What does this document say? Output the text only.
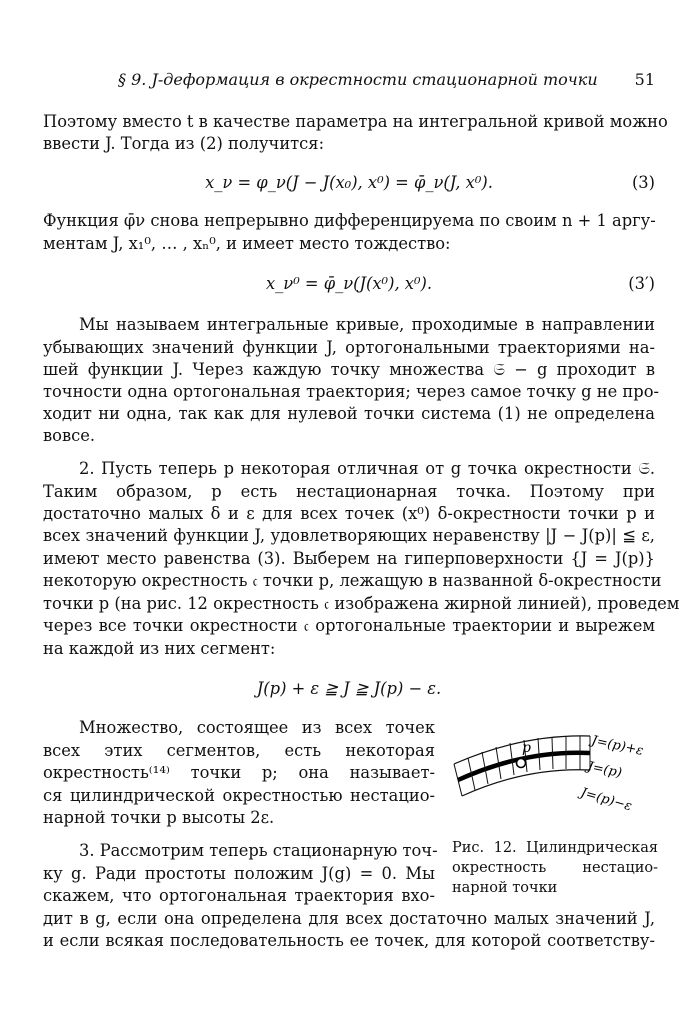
§ 9. J-деформация в окрестности стационарной точки 51
Поэтому вместо t в качестве параметра на интегральной кривой можно
ввести J. Тогда из (2) получится:
x_ν = φ_ν(J − J(x₀), x⁰) = φ̄_ν(J, x⁰).	(3)
Функция φ̄ν снова непрерывно дифференцируема по своим n + 1 аргу-
ментам J, x₁⁰, … , xₙ⁰, и имеет место тождество:
x_ν⁰ = φ̄_ν(J(x⁰), x⁰).	(3′)
Мы называем интегральные кривые, проходимые в направлении
убывающих значений функции J, ортогональными траекториями на-
шей функции J. Через каждую точку множества 𝔖 − g проходит в
точности одна ортогональная траектория; через самое точку g не про-
ходит ни одна, так как для нулевой точки система (1) не определена
вовсе.
2. Пусть теперь p некоторая отличная от g точка окрестности 𝔖.
Таким образом, p есть нестационарная точка. Поэтому при
достаточно малых δ и ε для всех точек (x⁰) δ-окрестности точки p и
всех значений функции J, удовлетворяющих неравенству |J − J(p)| ≦ ε,
имеют место равенства (3). Выберем на гиперповерхности {J = J(p)}
некоторую окрестность 𝔠 точки p, лежащую в названной δ-окрестности
точки p (на рис. 12 окрестность 𝔠 изображена жирной линией), проведем
через все точки окрестности 𝔠 ортогональные траектории и вырежем
на каждой из них сегмент:
J(p) + ε ≧ J ≧ J(p) − ε.
Множество, состоящее из всех точек
всех этих сегментов, есть некоторая
окрестность⁽¹⁴⁾ точки p; она называет-
ся цилиндрической окрестностью нестацио-
нарной точки p высоты 2ε.
3. Рассмотрим теперь стационарную точ-
ку g. Ради простоты положим J(g) = 0. Мы
скажем, что ортогональная траектория вхо-
дит в g, если она определена для всех достаточно малых значений J,
и если всякая последовательность ее точек, для которой соответству-
p	J=(p)+ε
J=(p)
J=(p)−ε
Рис. 12. Цилиндрическая
окрестность нестацио-
нарной точки
